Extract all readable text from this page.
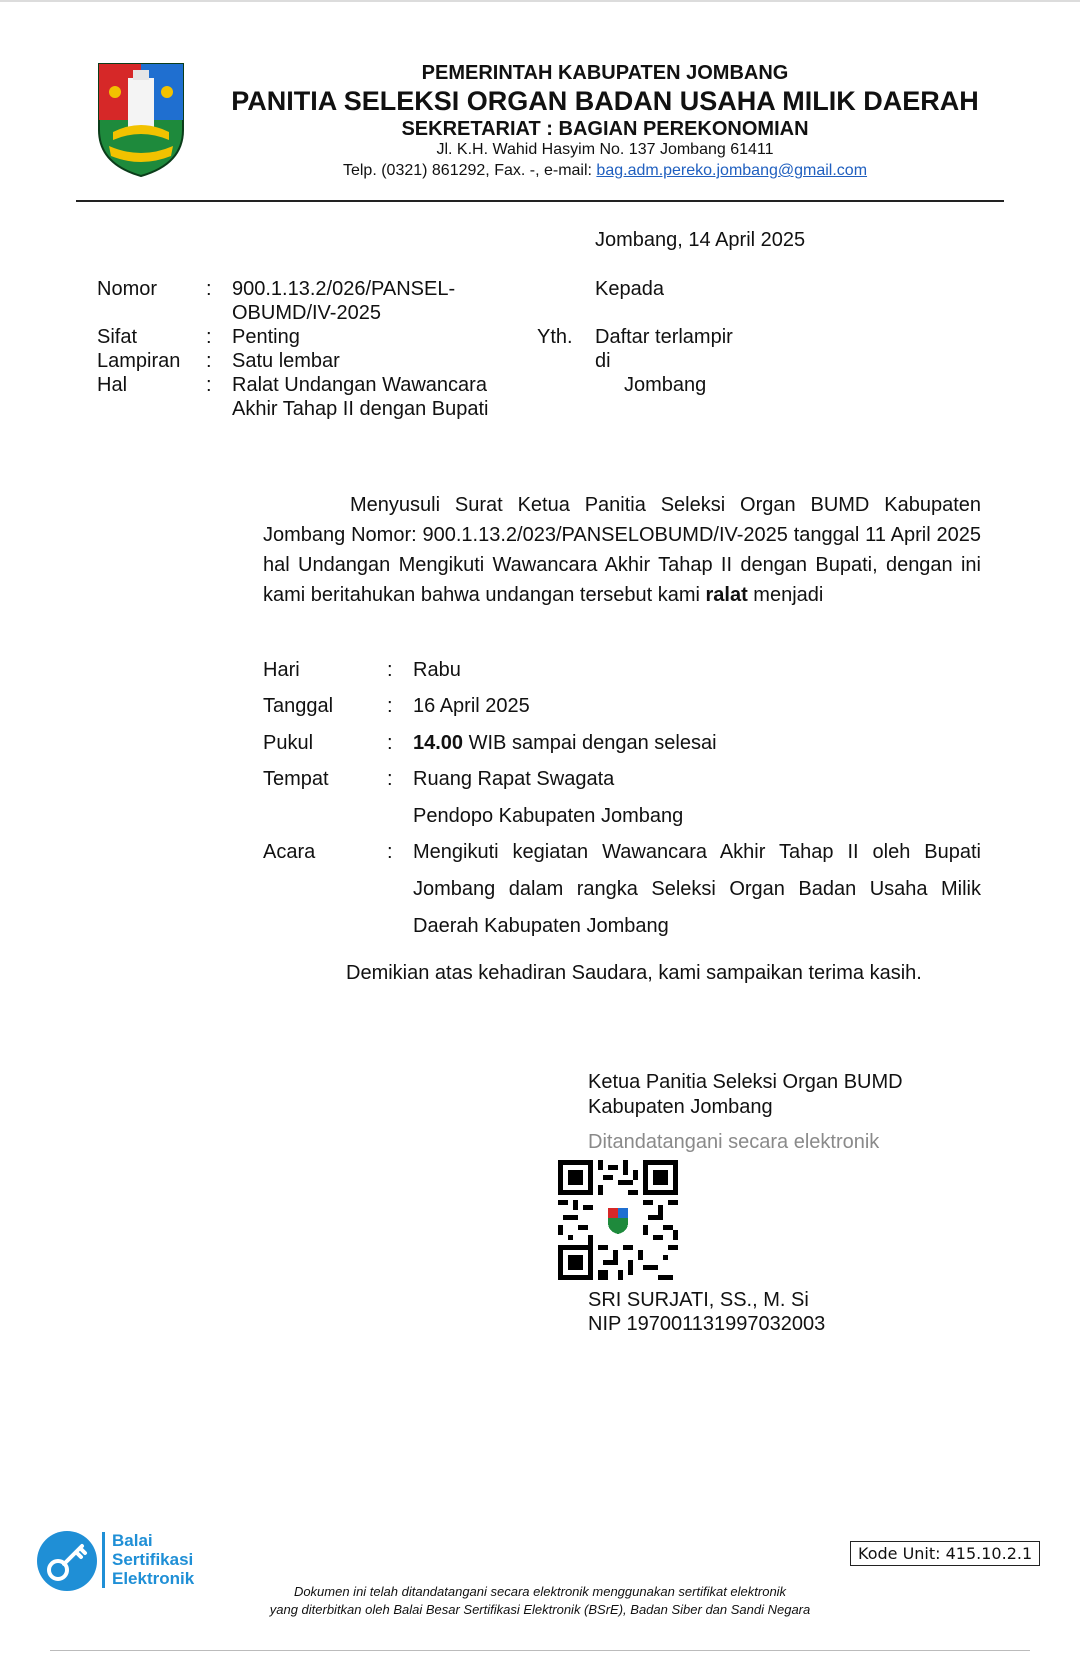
PEMERINTAH KABUPATEN JOMBANG
PANITIA SELEKSI ORGAN BADAN USAHA MILIK DAERAH
SEKRETARIAT : BAGIAN PEREKONOMIAN
Jl. K.H. Wahid Hasyim No. 137 Jombang 61411
Telp. (0321) 861292, Fax. -, e-mail: bag.adm.pereko.jombang@gmail.com
Jombang, 14 April 2025
Nomor : 900.1.13.2/026/PANSEL-
OBUMD/IV-2025
Sifat	: Penting
Lampiran : Satu lembar
Hal	: Ralat Undangan Wawancara
Akhir Tahap II dengan Bupati
Kepada
Yth. Daftar terlampir
di
Jombang
Menyusuli Surat Ketua Panitia Seleksi Organ BUMD Kabupaten Jombang Nomor: 900.1.13.2/023/PANSELOBUMD/IV-2025 tanggal 11 April 2025 hal Undangan Mengikuti Wawancara Akhir Tahap II dengan Bupati, dengan ini kami beritahukan bahwa undangan tersebut kami ralat menjadi
Hari	: Rabu
Tanggal	: 16 April 2025
Pukul	: 14.00 WIB sampai dengan selesai
Tempat	: Ruang Rapat Swagata
Pendopo Kabupaten Jombang
Acara	: Mengikuti kegiatan Wawancara Akhir Tahap II oleh Bupati Jombang dalam rangka Seleksi Organ Badan Usaha Milik Daerah Kabupaten Jombang
Demikian atas kehadiran Saudara, kami sampaikan terima kasih.
Ketua Panitia Seleksi Organ BUMD
Kabupaten Jombang
Ditandatangani secara elektronik
SRI SURJATI, SS., M. Si
NIP 197001131997032003
Balai
Sertifikasi
Elektronik
Kode Unit: 415.10.2.1
Dokumen ini telah ditandatangani secara elektronik menggunakan sertifikat elektronik
yang diterbitkan oleh Balai Besar Sertifikasi Elektronik (BSrE), Badan Siber dan Sandi Negara
